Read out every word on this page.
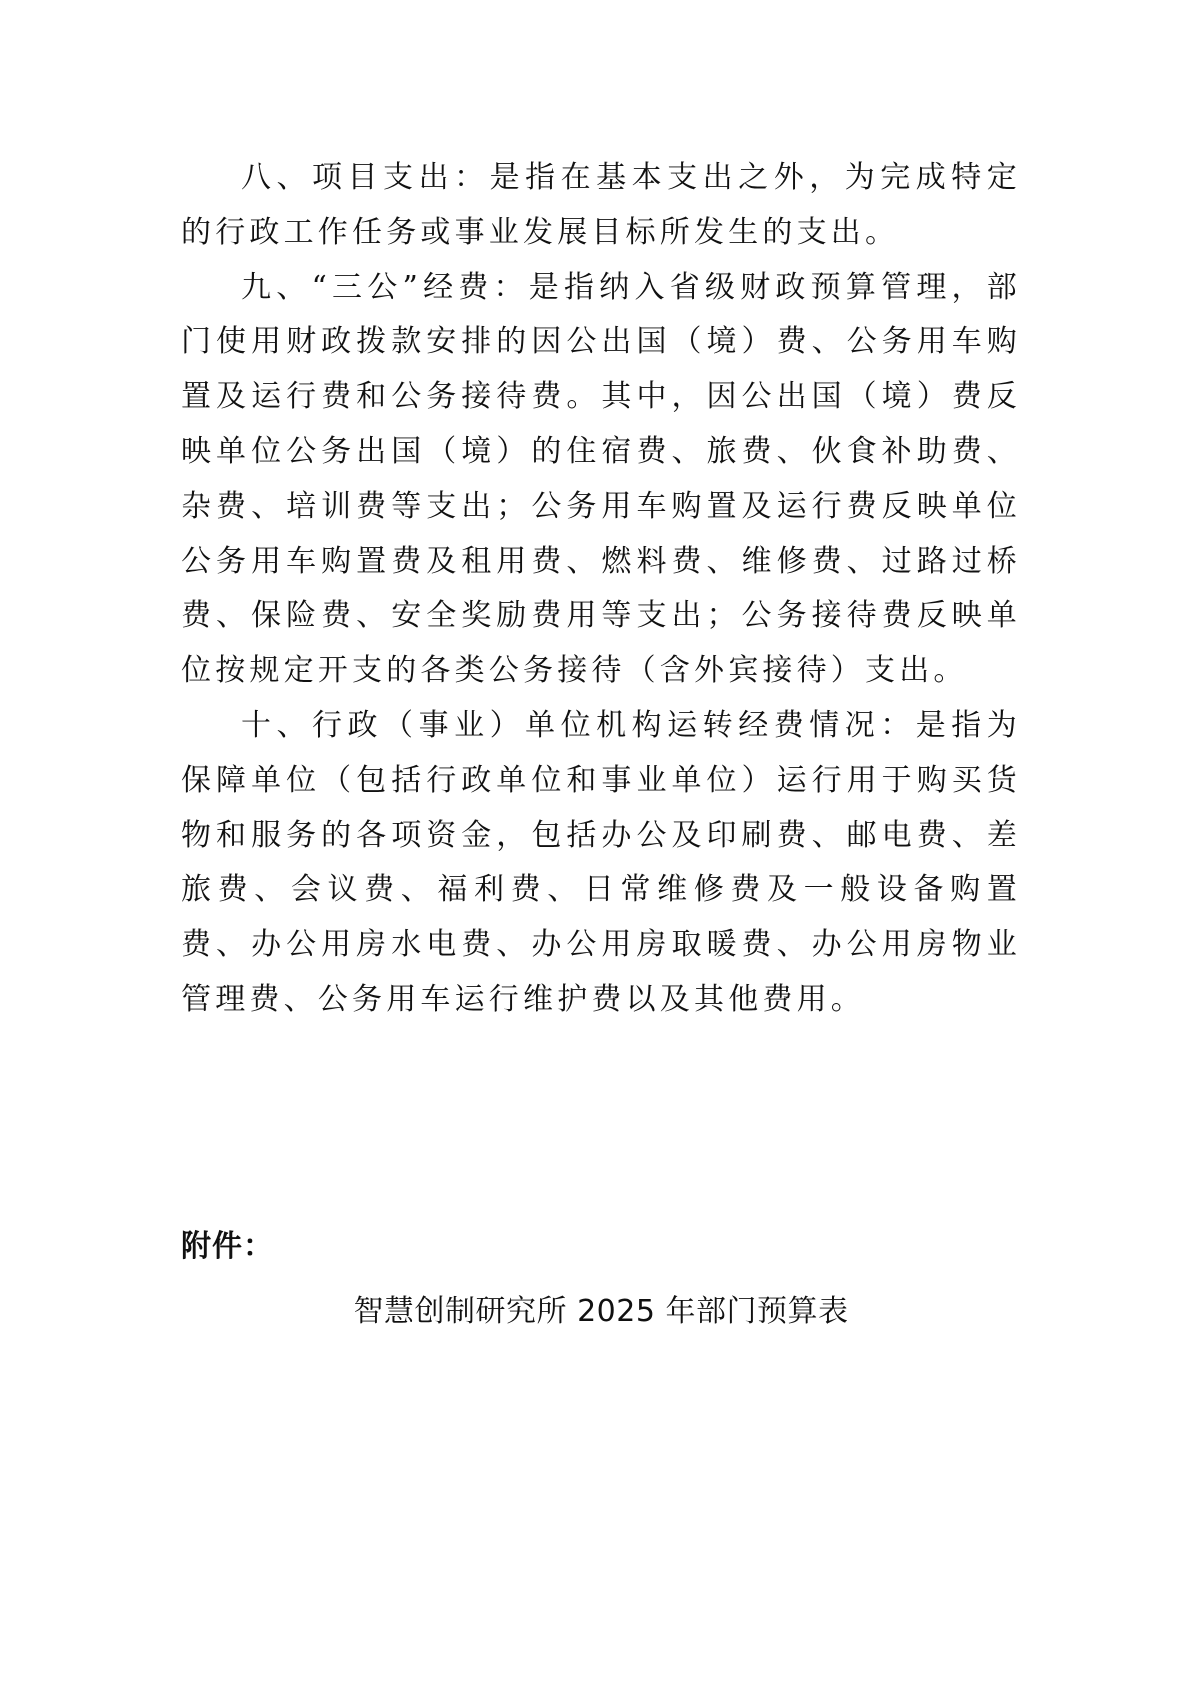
八、项目支出：是指在基本支出之外，为完成特定的行政工作任务或事业发展目标所发生的支出。

九、“三公”经费：是指纳入省级财政预算管理，部门使用财政拨款安排的因公出国（境）费、公务用车购置及运行费和公务接待费。其中，因公出国（境）费反映单位公务出国（境）的住宿费、旅费、伙食补助费、杂费、培训费等支出；公务用车购置及运行费反映单位公务用车购置费及租用费、燃料费、维修费、过路过桥费、保险费、安全奖励费用等支出；公务接待费反映单位按规定开支的各类公务接待（含外宾接待）支出。

十、行政（事业）单位机构运转经费情况：是指为保障单位（包括行政单位和事业单位）运行用于购买货物和服务的各项资金，包括办公及印刷费、邮电费、差旅费、会议费、福利费、日常维修费及一般设备购置费、办公用房水电费、办公用房取暖费、办公用房物业管理费、公务用车运行维护费以及其他费用。

附件：
智慧创制研究所 2025 年部门预算表
